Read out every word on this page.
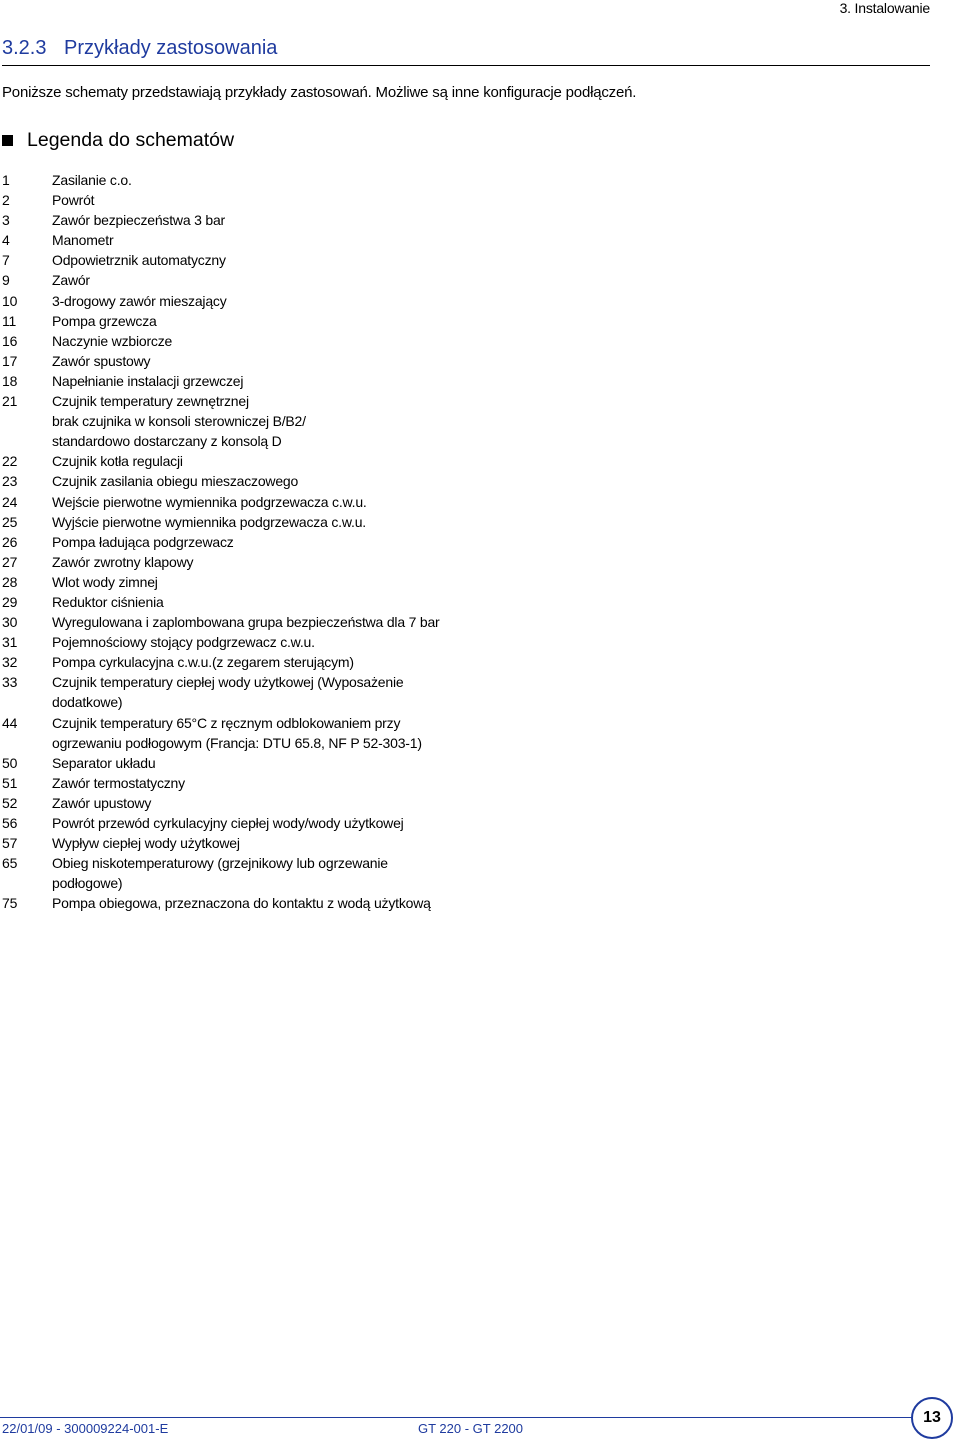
3. Instalowanie
3.2.3 Przykłady zastosowania
Poniższe schematy przedstawiają przykłady zastosowań. Możliwe są inne konfiguracje podłączeń.
Legenda do schematów
1	Zasilanie c.o.
2	Powrót
3	Zawór bezpieczeństwa 3 bar
4	Manometr
7	Odpowietrznik automatyczny
9	Zawór
10	3-drogowy zawór mieszający
11	Pompa grzewcza
16	Naczynie wzbiorcze
17	Zawór spustowy
18	Napełnianie instalacji grzewczej
21	Czujnik temperatury zewnętrznej
brak czujnika w konsoli sterowniczej B/B2/
standardowo dostarczany z konsolą D
22	Czujnik kotła regulacji
23	Czujnik zasilania obiegu mieszaczowego
24	Wejście pierwotne wymiennika podgrzewacza c.w.u.
25	Wyjście pierwotne wymiennika podgrzewacza c.w.u.
26	Pompa ładująca podgrzewacz
27	Zawór zwrotny klapowy
28	Wlot wody zimnej
29	Reduktor ciśnienia
30	Wyregulowana i zaplombowana grupa bezpieczeństwa dla 7 bar
31	Pojemnościowy stojący podgrzewacz c.w.u.
32	Pompa cyrkulacyjna c.w.u.(z zegarem sterującym)
33	Czujnik temperatury ciepłej wody użytkowej (Wyposażenie
dodatkowe)
44	Czujnik temperatury 65°C z ręcznym odblokowaniem przy
ogrzewaniu podłogowym (Francja: DTU 65.8, NF P 52-303-1)
50	Separator układu
51	Zawór termostatyczny
52	Zawór upustowy
56	Powrót przewód cyrkulacyjny ciepłej wody/wody użytkowej
57	Wypływ ciepłej wody użytkowej
65	Obieg niskotemperaturowy (grzejnikowy lub ogrzewanie
podłogowe)
75	Pompa obiegowa, przeznaczona do kontaktu z wodą użytkową
22/01/09 - 300009224-001-E	GT 220 - GT 2200
13
